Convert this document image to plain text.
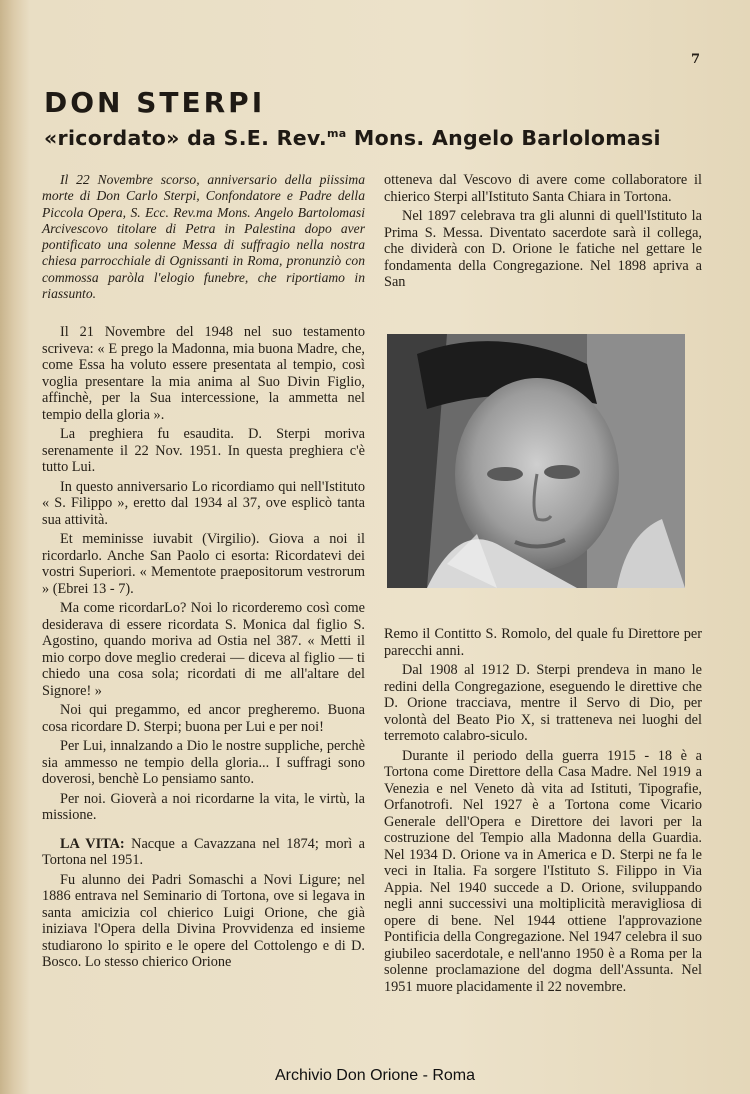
7
DON STERPI
«ricordato» da S.E. Rev.$^{ma}$ Mons. Angelo Barlolomasi

Il 22 Novembre scorso, anniversario della piissima morte di Don Carlo Sterpi, Confondatore e Padre della Piccola Opera, S. Ecc. Rev.ma Mons. Angelo Bartolomasi Arcivescovo titolare di Petra in Palestina dopo aver pontificato una solenne Messa di suffragio nella nostra chiesa parrocchiale di Ognissanti in Roma, pronunziò con commossa paròla l'elogio funebre, che riportiamo in riassunto.

Il 21 Novembre del 1948 nel suo testamento scriveva: « E prego la Madonna, mia buona Madre, che, come Essa ha voluto essere presentata al tempio, così voglia presentare la mia anima al Suo Divin Figlio, affinchè, per la Sua intercessione, la ammetta nel tempio della gloria ».

La preghiera fu esaudita. D. Sterpi moriva serenamente il 22 Nov. 1951. In questa preghiera c'è tutto Lui.

In questo anniversario Lo ricordiamo qui nell'Istituto « S. Filippo », eretto dal 1934 al 37, ove esplicò tanta sua attività.

Et meminisse iuvabit (Virgilio). Giova a noi il ricordarlo. Anche San Paolo ci esorta: Ricordatevi dei vostri Superiori. « Mementote praepositorum vestrorum » (Ebrei 13 - 7).

Ma come ricordarLo? Noi lo ricorderemo così come desiderava di essere ricordata S. Monica dal figlio S. Agostino, quando moriva ad Ostia nel 387. « Metti il mio corpo dove meglio crederai — diceva al figlio — ti chiedo una cosa sola; ricordati di me all'altare del Signore! »

Noi qui pregammo, ed ancor pregheremo. Buona cosa ricordare D. Sterpi; buona per Lui e per noi!

Per Lui, innalzando a Dio le nostre suppliche, perchè sia ammesso ne tempio della gloria... I suffragi sono doverosi, benchè Lo pensiamo santo.

Per noi. Gioverà a noi ricordarne la vita, le virtù, la missione.

LA VITA: Nacque a Cavazzana nel 1874; morì a Tortona nel 1951.

Fu alunno dei Padri Somaschi a Novi Ligure; nel 1886 entrava nel Seminario di Tortona, ove si legava in santa amicizia col chierico Luigi Orione, che già iniziava l'Opera della Divina Provvidenza ed insieme studiarono lo spirito e le opere del Cottolengo e di D. Bosco. Lo stesso chierico Orione

otteneva dal Vescovo di avere come collaboratore il chierico Sterpi all'Istituto Santa Chiara in Tortona.

Nel 1897 celebrava tra gli alunni di quell'Istituto la Prima S. Messa. Diventato sacerdote sarà il collega, che dividerà con D. Orione le fatiche nel gettare le fondamenta della Congregazione. Nel 1898 apriva a San

Remo il Contitto S. Romolo, del quale fu Direttore per parecchi anni.

Dal 1908 al 1912 D. Sterpi prendeva in mano le redini della Congregazione, eseguendo le direttive che D. Orione tracciava, mentre il Servo di Dio, per volontà del Beato Pio X, si tratteneva nei luoghi del terremoto calabro-siculo.

Durante il periodo della guerra 1915 - 18 è a Tortona come Direttore della Casa Madre. Nel 1919 a Venezia e nel Veneto dà vita ad Istituti, Tipografie, Orfanotrofi. Nel 1927 è a Tortona come Vicario Generale dell'Opera e Direttore dei lavori per la costruzione del Tempio alla Madonna della Guardia. Nel 1934 D. Orione va in America e D. Sterpi ne fa le veci in Italia. Fa sorgere l'Istituto S. Filippo in Via Appia. Nel 1940 succede a D. Orione, sviluppando negli anni successivi una moltiplicità meravigliosa di opere di bene. Nel 1944 ottiene l'approvazione Pontificia della Congregazione. Nel 1947 celebra il suo giubileo sacerdotale, e nell'anno 1950 è a Roma per la solenne proclamazione del dogma dell'Assunta. Nel 1951 muore placidamente il 22 novembre.

Archivio Don Orione - Roma
